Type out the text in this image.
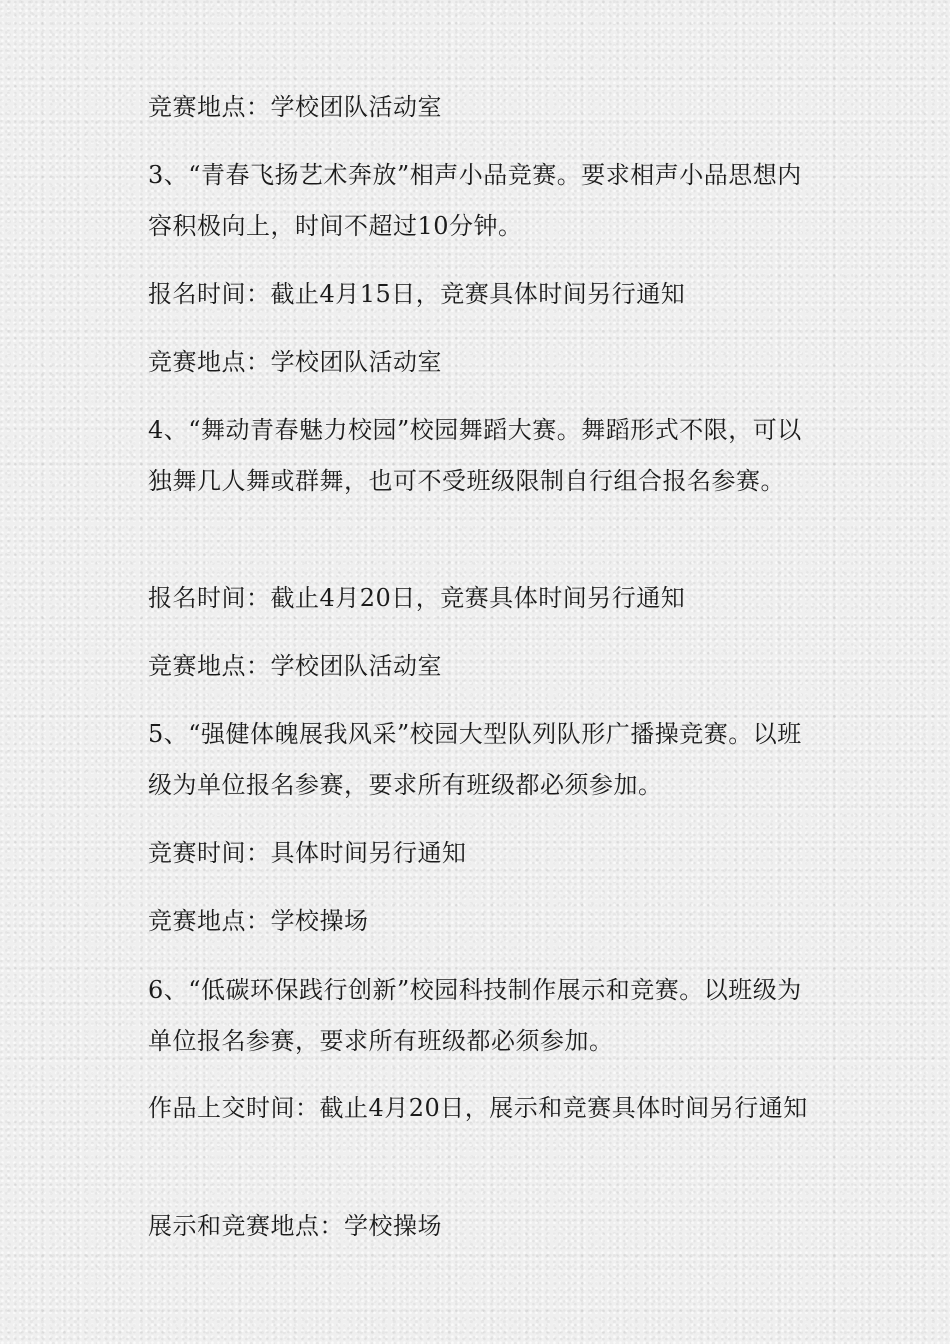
竞赛地点：学校团队活动室

3、“青春飞扬艺术奔放”相声小品竞赛。要求相声小品思想内容积极向上，时间不超过10分钟。

报名时间：截止4月15日，竞赛具体时间另行通知

竞赛地点：学校团队活动室

4、“舞动青春魅力校园”校园舞蹈大赛。舞蹈形式不限，可以独舞几人舞或群舞，也可不受班级限制自行组合报名参赛。

报名时间：截止4月20日，竞赛具体时间另行通知

竞赛地点：学校团队活动室

5、“强健体魄展我风采”校园大型队列队形广播操竞赛。以班级为单位报名参赛，要求所有班级都必须参加。

竞赛时间：具体时间另行通知

竞赛地点：学校操场

6、“低碳环保践行创新”校园科技制作展示和竞赛。以班级为单位报名参赛，要求所有班级都必须参加。

作品上交时间：截止4月20日，展示和竞赛具体时间另行通知

展示和竞赛地点：学校操场
